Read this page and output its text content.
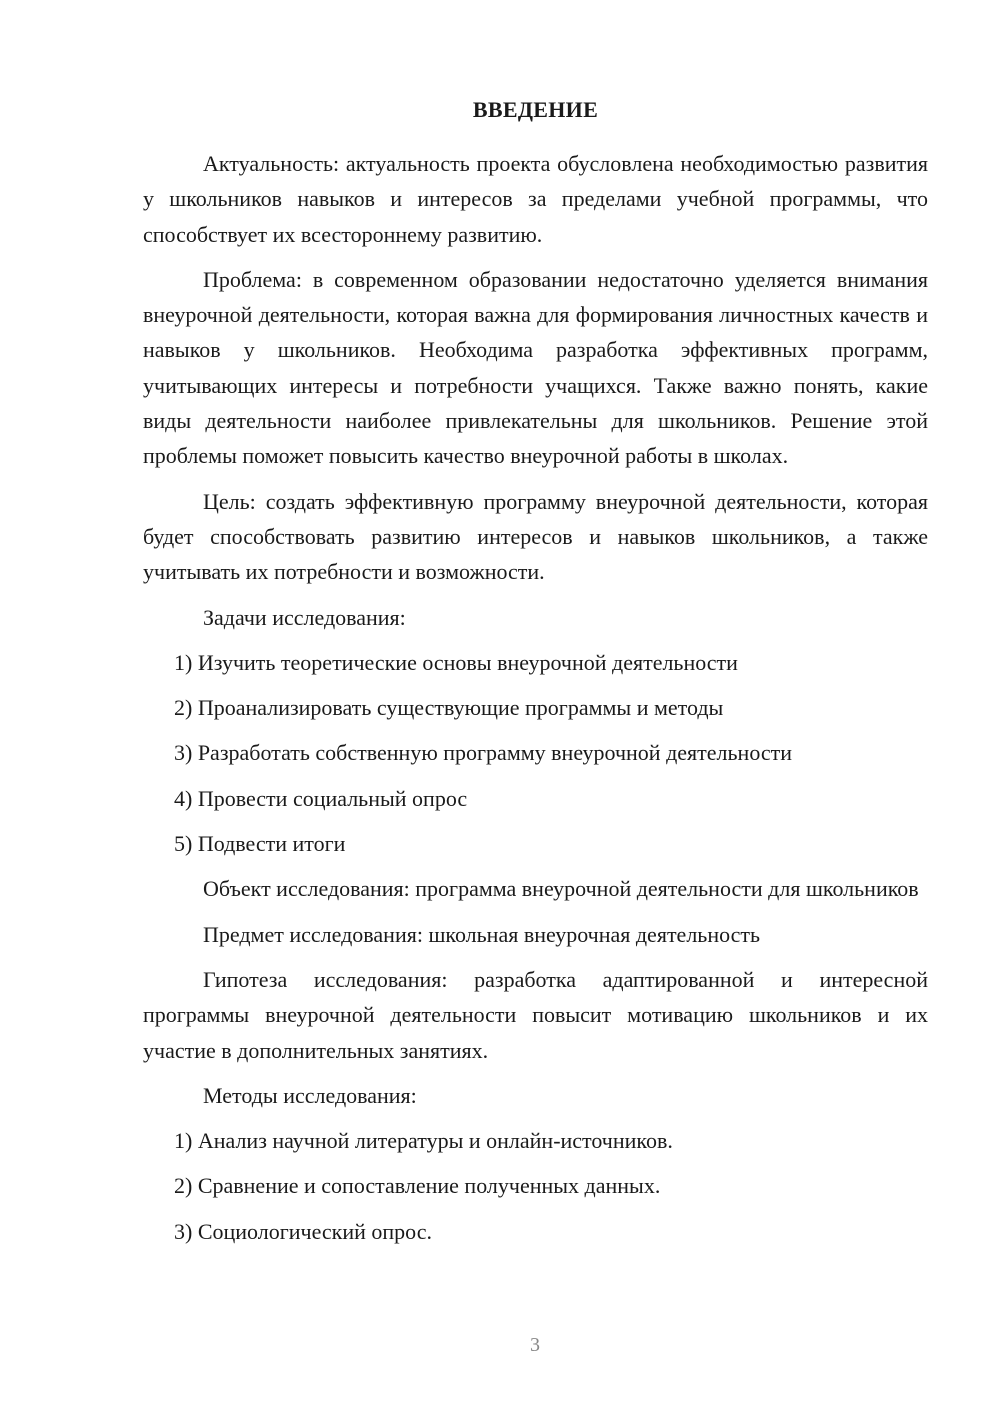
ВВЕДЕНИЕ

Актуальность: актуальность проекта обусловлена необходимостью развития у школьников навыков и интересов за пределами учебной программы, что способствует их всестороннему развитию.

Проблема: в современном образовании недостаточно уделяется внимания внеурочной деятельности, которая важна для формирования личностных качеств и навыков у школьников. Необходима разработка эффективных программ, учитывающих интересы и потребности учащихся. Также важно понять, какие виды деятельности наиболее привлекательны для школьников. Решение этой проблемы поможет повысить качество внеурочной работы в школах.

Цель: создать эффективную программу внеурочной деятельности, которая будет способствовать развитию интересов и навыков школьников, а также учитывать их потребности и возможности.

Задачи исследования:

1) Изучить теоретические основы внеурочной деятельности
2) Проанализировать существующие программы и методы
3) Разработать собственную программу внеурочной деятельности
4) Провести социальный опрос
5) Подвести итоги

Объект исследования: программа внеурочной деятельности для школьников

Предмет исследования: школьная внеурочная деятельность

Гипотеза исследования: разработка адаптированной и интересной программы внеурочной деятельности повысит мотивацию школьников и их участие в дополнительных занятиях.

Методы исследования:

1) Анализ научной литературы и онлайн-источников.
2) Сравнение и сопоставление полученных данных.
3) Социологический опрос.
3
